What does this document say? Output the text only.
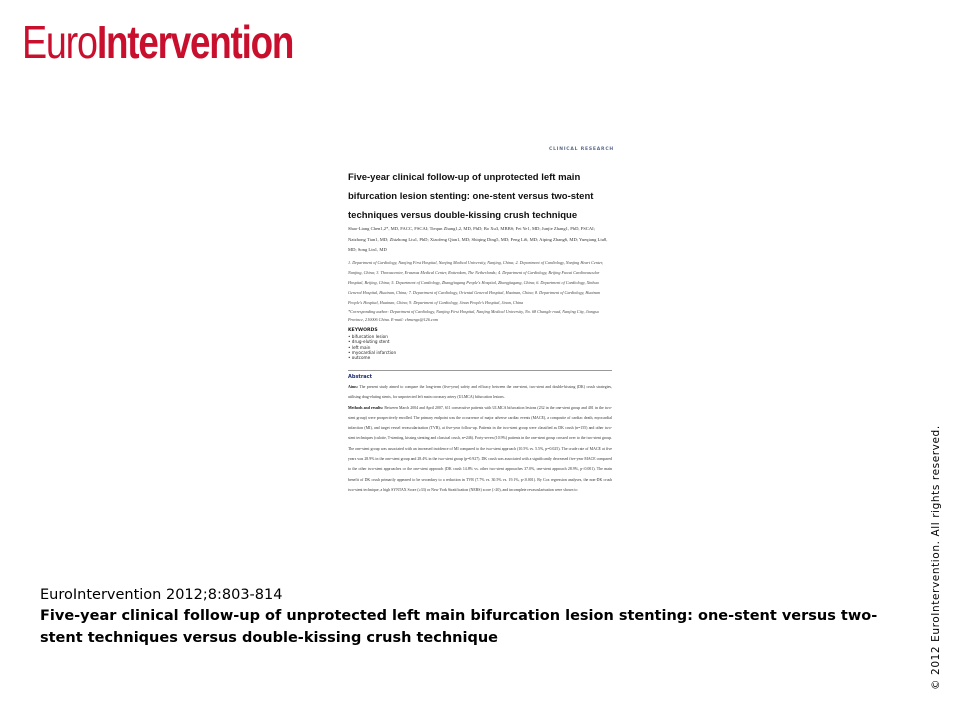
EuroIntervention
CLINICAL RESEARCH
Five-year clinical follow-up of unprotected left main bifurcation lesion stenting: one-stent versus two-stent techniques versus double-kissing crush technique
Shao-Liang Chen1,2*, MD, FACC, FSCAI; Tiequn Zhang1,2, MD, PhD; Bo Xu3, MBBS; Fei Ye1, MD; Junjie Zhang1, PhD, FSCAI; Naizhong Tian1, MD; Zhizhong Liu1, PhD; Xiaofeng Qian1, MD; Shiqing Ding5, MD; Feng Li6, MD; Aiping Zhang6, MD; Yueqiang Liu8, MD; Song Lin1, MD
1. Department of Cardiology, Nanjing First Hospital, Nanjing Medical University, Nanjing, China; 2. Department of Cardiology, Nanjing Heart Center, Nanjing, China; 3. Thoraxcenter, Erasmus Medical Center, Rotterdam, The Netherlands; 4. Department of Cardiology, Beijing Fuwai Cardiovascular Hospital, Beijing, China; 5. Department of Cardiology, Zhangjiagang People's Hospital, Zhangjiagang, China; 6. Department of Cardiology, Xinhua General Hospital, Huainan, China; 7. Department of Cardiology, Oriental General Hospital, Huainan, China; 8. Department of Cardiology, Huainan People's Hospital, Huainan, China; 9. Department of Cardiology, Jinan People's Hospital, Jinan, China
*Corresponding author: Department of Cardiology, Nanjing First Hospital, Nanjing Medical University, No. 68 Changle road, Nanjing City, Jiangsu Province, 210006 China. E-mail: chmengx@126.com
KEYWORDS
• bifurcation lesion
• drug-eluting stent
• left main
• myocardial infarction
• outcome
Abstract
Aims: The present study aimed to compare the long-term (five-year) safety and efficacy between the one-stent, two-stent and double-kissing (DK) crush strategies, utilising drug-eluting stents, for unprotected left main coronary artery (ULMCA) bifurcation lesions.
Methods and results: Between March 2004 and April 2007, 611 consecutive patients with ULMCA bifurcation lesions (232 in the one-stent group and 401 in the two-stent group) were prospectively enrolled. The primary endpoint was the occurrence of major adverse cardiac events (MACE), a composite of cardiac death, myocardial infarction (MI), and target vessel revascularisation (TVR), at five-year follow-up. Patients in the two-stent group were classified as DK crush (n=155) and other two-stent techniques (culotte, T-stenting, kissing stenting and classical crush, n=246). Forty-seven (10.9%) patients in the one-stent group crossed over to the two-stent group. The one-stent group was associated with an increased incidence of MI compared to the two-stent approach (10.5% vs. 5.5%, p=0.025). The crude rate of MACE at five years was 28.9% in the one-stent group and 28.4% in the two-stent group (p=0.927). DK crush was associated with a significantly decreased five-year MACE compared to the other two-stent approaches or the one-stent approach (DK crush 14.8% vs. other two-stent approaches 37.0%, one-stent approach 28.9%, p<0.001). The main benefit of DK crush primarily appeared to be secondary to a reduction in TVR (7.7% vs. 30.5% vs. 19.1%, p<0.001). By Cox regression analyses, the non-DK crush two-stent technique, a high SYNTAX Score (≥33) or New York Stratification (NERS) score (>20), and incomplete revascularisation were shown to
EuroIntervention 2012;8:803-814
Five-year clinical follow-up of unprotected left main bifurcation lesion stenting: one-stent versus two-stent techniques versus double-kissing crush technique	© 2012 EuroIntervention. All rights reserved.
